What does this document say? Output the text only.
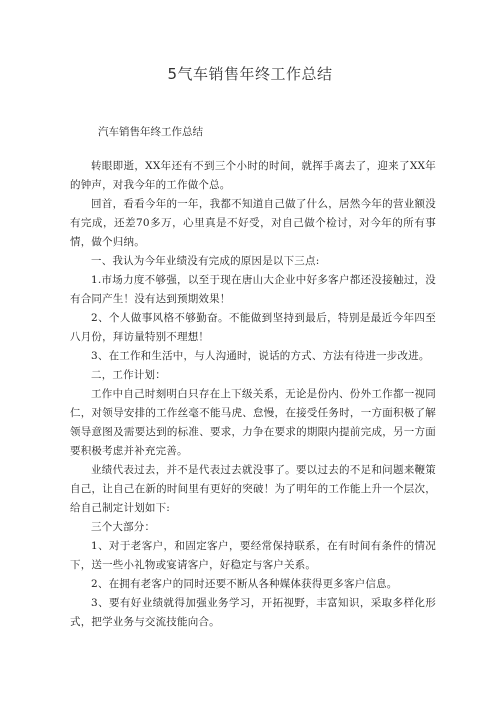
5气车销售年终工作总结

汽车销售年终工作总结

转眼即逝，XX年还有不到三个小时的时间，就挥手离去了，迎来了XX年的钟声，对我今年的工作做个总。

回首，看看今年的一年，我都不知道自己做了什么，居然今年的营业额没有完成，还差70多万，心里真是不好受，对自己做个检讨，对今年的所有事情，做个归纳。

一、我认为今年业绩没有完成的原因是以下三点:

1.市场力度不够强，以至于现在唐山大企业中好多客户都还没接触过，没有合同产生！没有达到预期效果！

2、个人做事风格不够勤奋。不能做到坚持到最后，特别是最近今年四至八月份，拜访量特别不理想！

3、在工作和生活中，与人沟通时，说话的方式、方法有待进一步改进。

二，工作计划：

工作中自己时刻明白只存在上下级关系，无论是份内、份外工作都一视同仁，对领导安排的工作丝毫不能马虎、怠慢，在接受任务时，一方面积极了解领导意图及需要达到的标准、要求，力争在要求的期限内提前完成，另一方面要积极考虑并补充完善。

业绩代表过去，并不是代表过去就没事了。要以过去的不足和问题来鞭策自己，让自己在新的时间里有更好的突破！为了明年的工作能上升一个层次，给自己制定计划如下:

三个大部分：

1、对于老客户，和固定客户，要经常保持联系，在有时间有条件的情况下，送一些小礼物或宴请客户，好稳定与客户关系。

2、在拥有老客户的同时还要不断从各种媒体获得更多客户信息。

3、要有好业绩就得加强业务学习，开拓视野，丰富知识，采取多样化形式，把学业务与交流技能向合。
